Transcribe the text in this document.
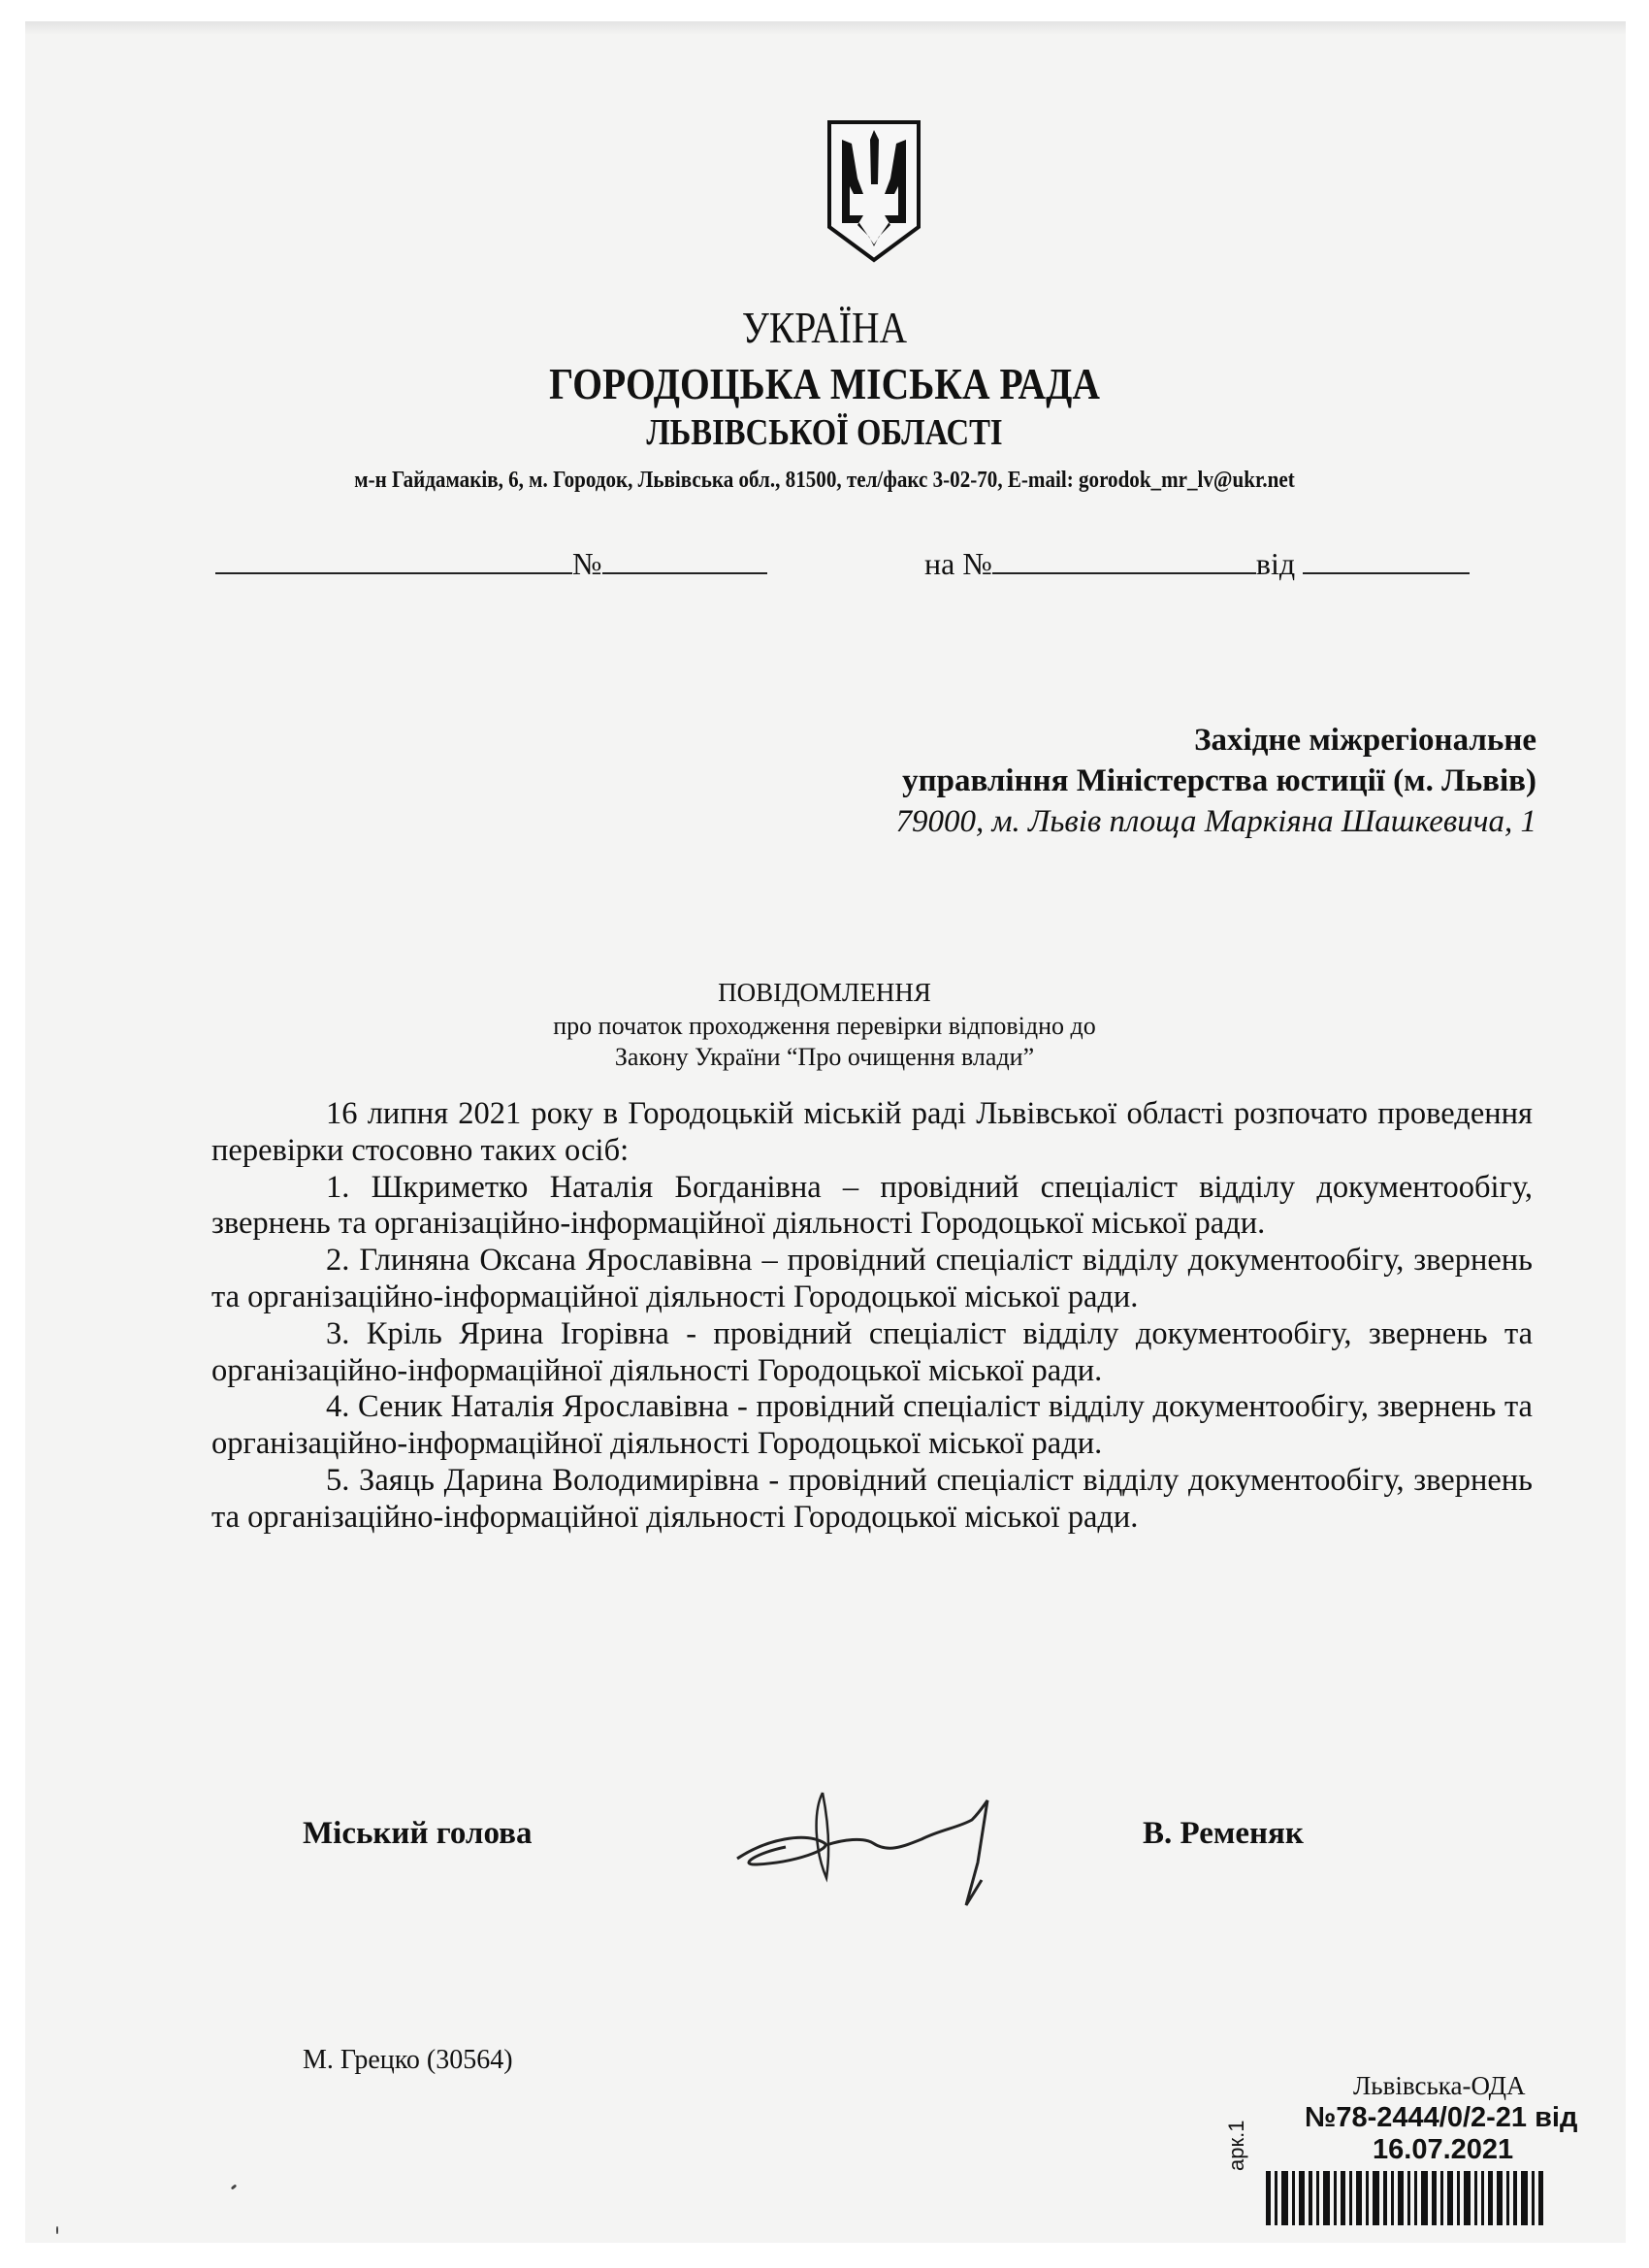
УКРАЇНА
ГОРОДОЦЬКА МІСЬКА РАДА
ЛЬВІВСЬКОЇ ОБЛАСТІ
м-н Гайдамаків, 6, м. Городок, Львівська обл., 81500, тел/факс 3-02-70, E-mail: gorodok_mr_lv@ukr.net
№	на №	від
Західне міжрегіональне
управління Міністерства юстиції (м. Львів)
79000, м. Львів площа Маркіяна Шашкевича, 1
ПОВІДОМЛЕННЯ
про початок проходження перевірки відповідно до
Закону України “Про очищення влади”

16 липня 2021 року в Городоцькій міській раді Львівської області розпочато проведення перевірки стосовно таких осіб:

1. Шкриметко Наталія Богданівна – провідний спеціаліст відділу документообігу, звернень та організаційно-інформаційної діяльності Городоцької міської ради.

2. Глиняна Оксана Ярославівна – провідний спеціаліст відділу документообігу, звернень та організаційно-інформаційної діяльності Городоцької міської ради.

3. Кріль Ярина Ігорівна - провідний спеціаліст відділу документообігу, звернень та організаційно-інформаційної діяльності Городоцької міської ради.

4. Сеник Наталія Ярославівна - провідний спеціаліст відділу документообігу, звернень та організаційно-інформаційної діяльності Городоцької міської ради.

5. Заяць Дарина Володимирівна - провідний спеціаліст відділу документообігу, звернень та організаційно-інформаційної діяльності Городоцької міської ради.

Міський голова	В. Ременяк
М. Грецко (30564)
Львівська-ОДА
№78-2444/0/2-21 від
16.07.2021
арк.1
